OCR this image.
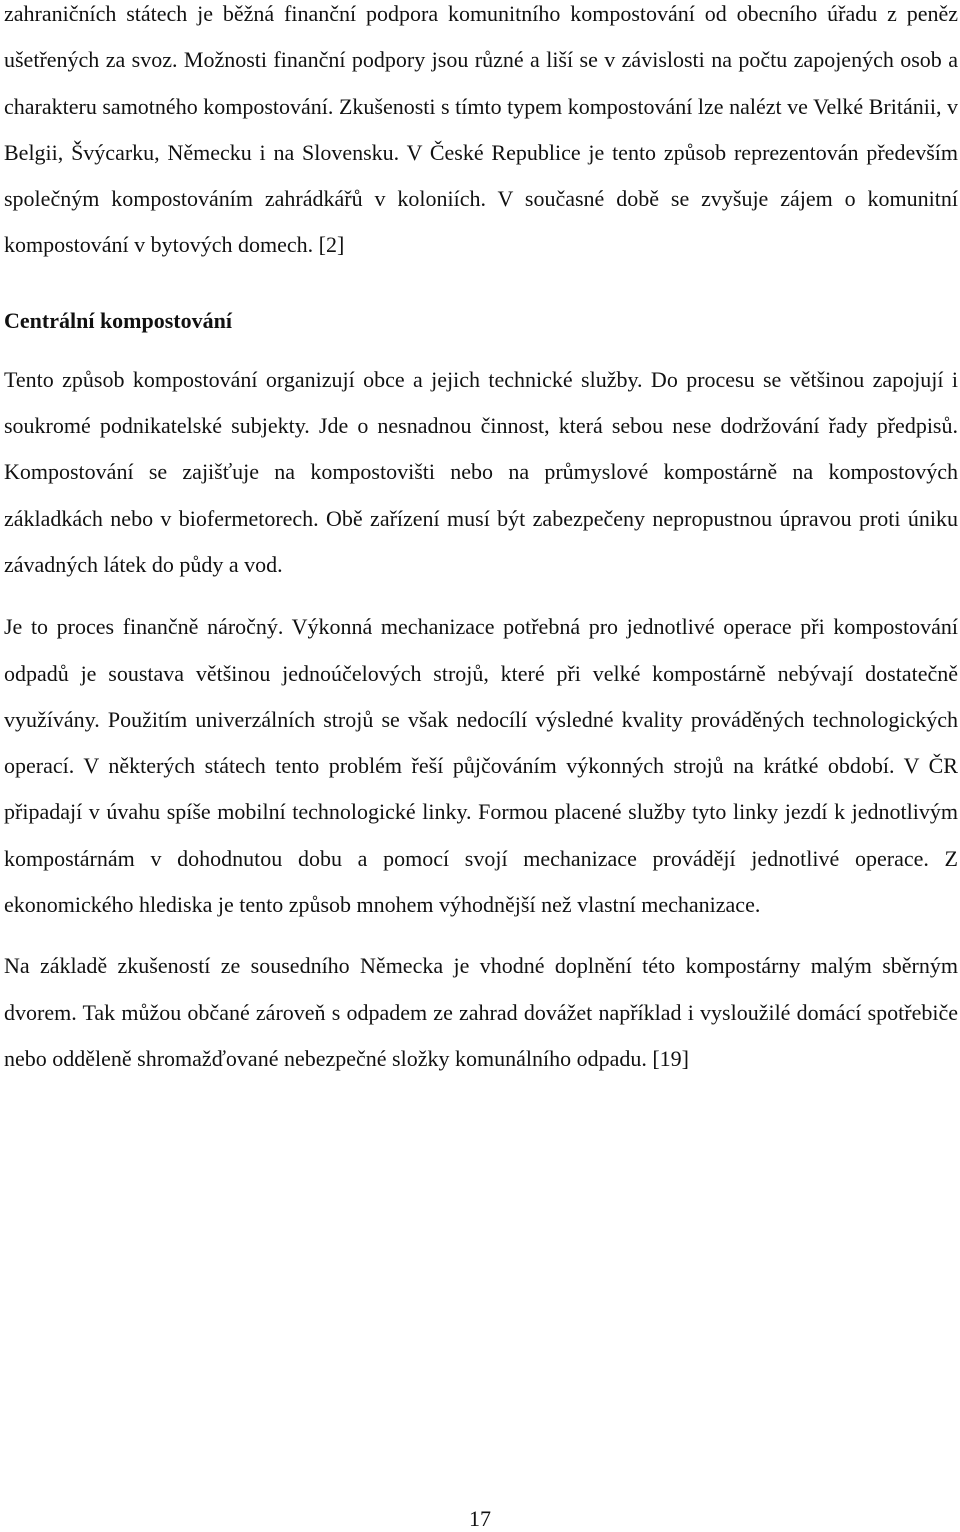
zahraničních státech je běžná finanční podpora komunitního kompostování od obecního úřadu z peněz ušetřených za svoz. Možnosti finanční podpory jsou různé a liší se v závislosti na počtu zapojených osob a charakteru samotného kompostování. Zkušenosti s tímto typem kompostování lze nalézt ve Velké Británii, v Belgii, Švýcarku, Německu i na Slovensku. V České Republice je tento způsob reprezentován především společným kompostováním zahrádkářů v koloniích. V současné době se zvyšuje zájem o komunitní kompostování v bytových domech. [2]

Centrální kompostování

Tento způsob kompostování organizují obce a jejich technické služby. Do procesu se většinou zapojují i soukromé podnikatelské subjekty. Jde o nesnadnou činnost, která sebou nese dodržování řady předpisů. Kompostování se zajišťuje na kompostovišti nebo na průmyslové kompostárně na kompostových základkách nebo v biofermetorech. Obě zařízení musí být zabezpečeny nepropustnou úpravou proti úniku závadných látek do půdy a vod.

Je to proces finančně náročný. Výkonná mechanizace potřebná pro jednotlivé operace při kompostování odpadů je soustava většinou jednoúčelových strojů, které při velké kompostárně nebývají dostatečně využívány. Použitím univerzálních strojů se však nedocílí výsledné kvality prováděných technologických operací. V některých státech tento problém řeší půjčováním výkonných strojů na krátké období. V ČR připadají v úvahu spíše mobilní technologické linky. Formou placené služby tyto linky jezdí k jednotlivým kompostárnám v dohodnutou dobu a pomocí svojí mechanizace provádějí jednotlivé operace. Z ekonomického hlediska je tento způsob mnohem výhodnější než vlastní mechanizace.

Na základě zkušeností ze sousedního Německa je vhodné doplnění této kompostárny malým sběrným dvorem. Tak můžou občané zároveň s odpadem ze zahrad dovážet například i vysloužilé domácí spotřebiče nebo odděleně shromažďované nebezpečné složky komunálního odpadu. [19]

17
